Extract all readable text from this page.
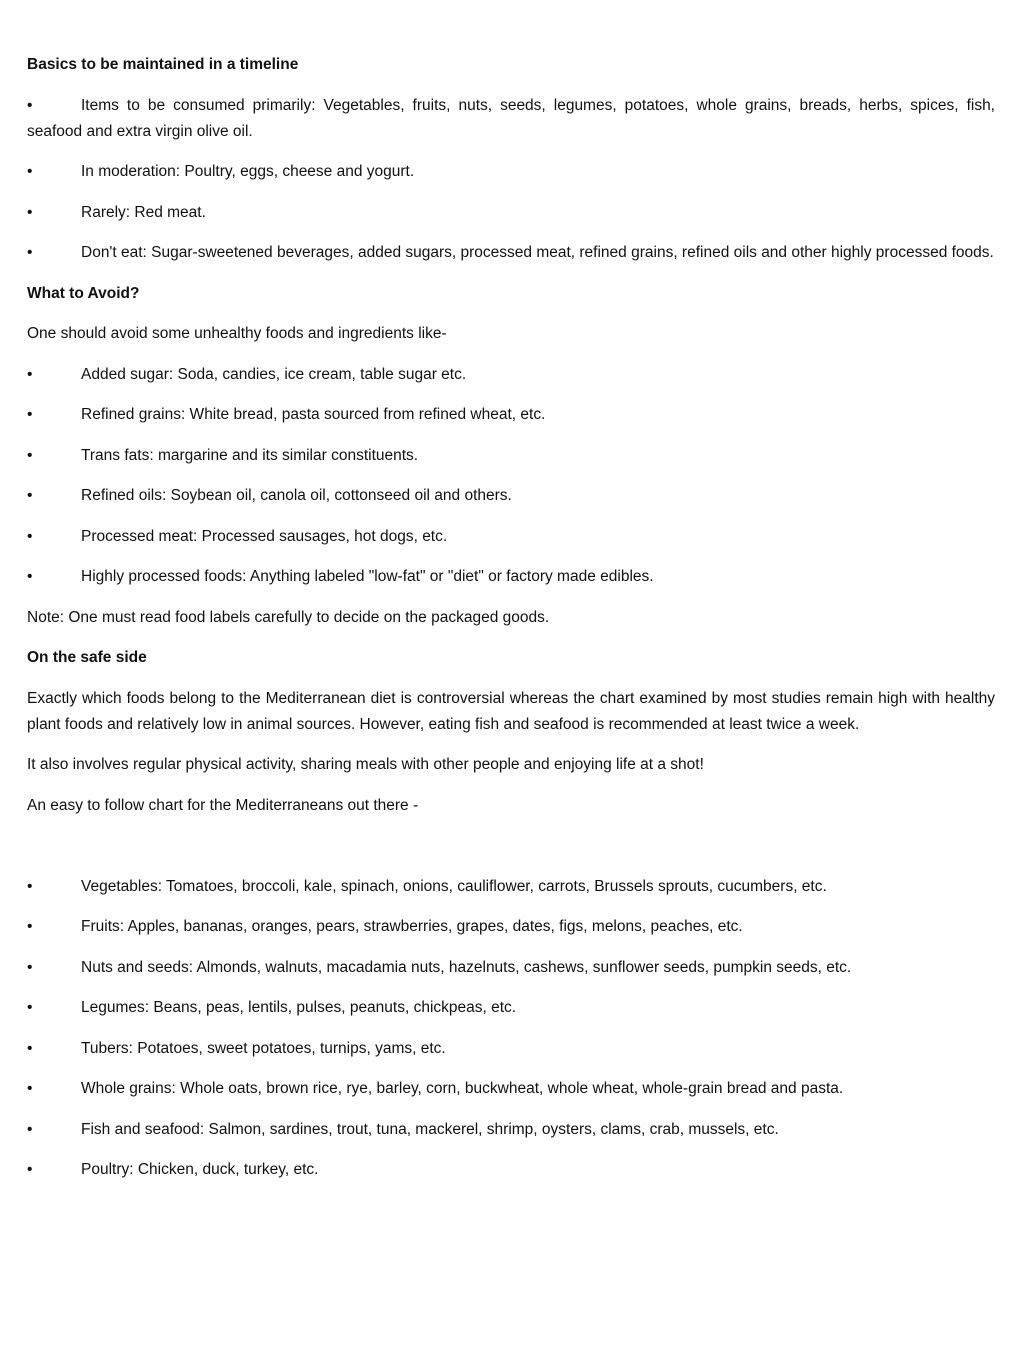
Basics to be maintained in a timeline

•	Items to be consumed primarily: Vegetables, fruits, nuts, seeds, legumes, potatoes, whole grains, breads, herbs, spices, fish, seafood and extra virgin olive oil.

•	In moderation: Poultry, eggs, cheese and yogurt.

•	Rarely: Red meat.

•	Don't eat: Sugar-sweetened beverages, added sugars, processed meat, refined grains, refined oils and other highly processed foods.

What to Avoid?

One should avoid some unhealthy foods and ingredients like-

•	Added sugar: Soda, candies, ice cream, table sugar etc.

•	Refined grains: White bread, pasta sourced from refined wheat, etc.

•	Trans fats: margarine and its similar constituents.

•	Refined oils: Soybean oil, canola oil, cottonseed oil and others.

•	Processed meat: Processed sausages, hot dogs, etc.

•	Highly processed foods: Anything labeled "low-fat" or "diet" or factory made edibles.

Note: One must read food labels carefully to decide on the packaged goods.

On the safe side

Exactly which foods belong to the Mediterranean diet is controversial whereas the chart examined by most studies remain high with healthy plant foods and relatively low in animal sources. However, eating fish and seafood is recommended at least twice a week.

It also involves regular physical activity, sharing meals with other people and enjoying life at a shot!

An easy to follow chart for the Mediterraneans out there -

•	Vegetables: Tomatoes, broccoli, kale, spinach, onions, cauliflower, carrots, Brussels sprouts, cucumbers, etc.

•	Fruits: Apples, bananas, oranges, pears, strawberries, grapes, dates, figs, melons, peaches, etc.

•	Nuts and seeds: Almonds, walnuts, macadamia nuts, hazelnuts, cashews, sunflower seeds, pumpkin seeds, etc.

•	Legumes: Beans, peas, lentils, pulses, peanuts, chickpeas, etc.

•	Tubers: Potatoes, sweet potatoes, turnips, yams, etc.

•	Whole grains: Whole oats, brown rice, rye, barley, corn, buckwheat, whole wheat, whole-grain bread and pasta.

•	Fish and seafood: Salmon, sardines, trout, tuna, mackerel, shrimp, oysters, clams, crab, mussels, etc.

•	Poultry: Chicken, duck, turkey, etc.
